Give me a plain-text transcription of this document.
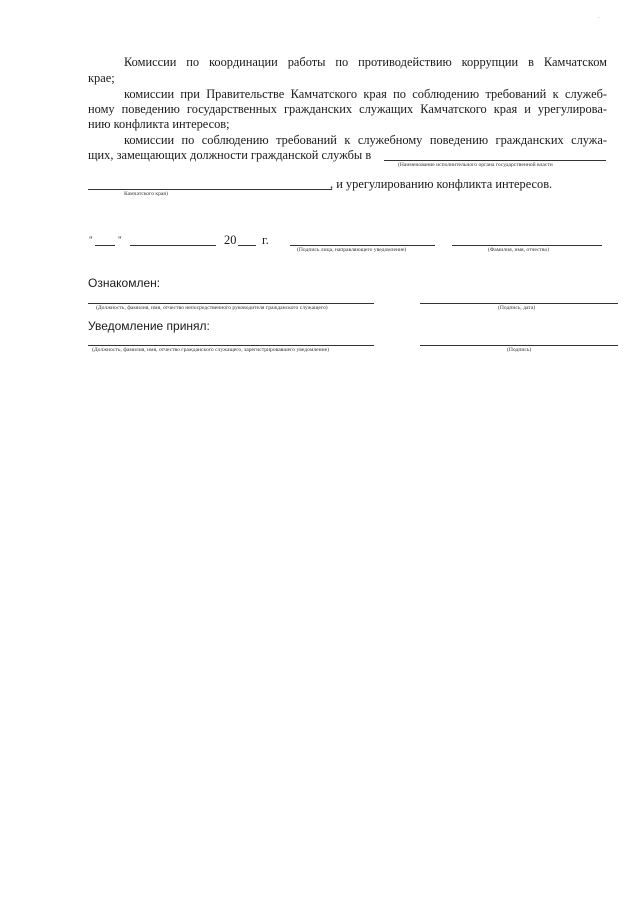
·
Комиссии по координации работы по противодействию коррупции в Камчатском
крае;
комиссии при Правительстве Камчатского края по соблюдению требований к служеб-
ному поведению государственных гражданских служащих Камчатского края и урегулирова-
нию конфликта интересов;
комиссии по соблюдению требований к служебному поведению гражданских служа-
щих, замещающих должности гражданской службы в
(Наименование исполнительного органа государственной власти
, и урегулированию конфликта интересов.
Камчатского края)
"	"	20 г.
(Подпись лица, направляющего уведомление)	(Фамилия, имя, отчество)
Ознакомлен:
(Должность, фамилия, имя, отчество непосредственного руководителя гражданского служащего)	(Подпись, дата)
Уведомление принял:
(Должность, фамилия, имя, отчество гражданского служащего, зарегистрировавшего уведомление)	(Подпись)
